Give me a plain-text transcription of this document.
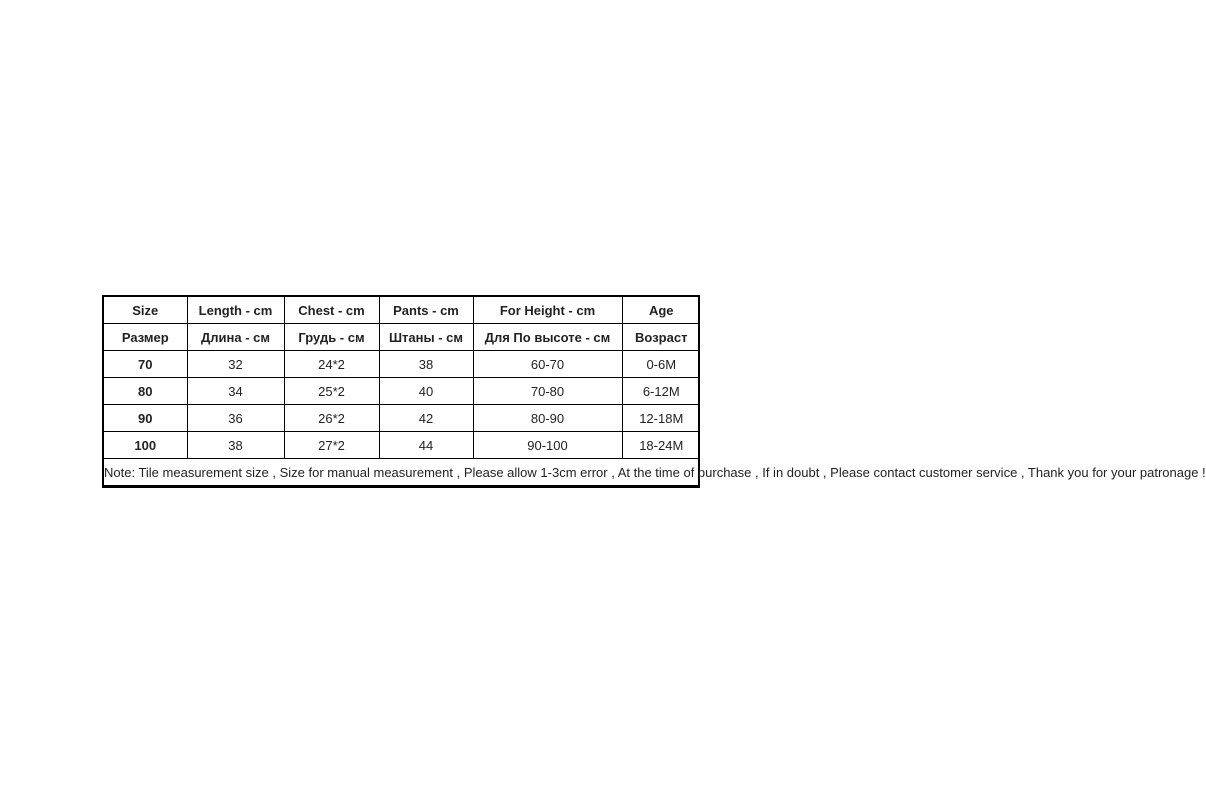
Size	Length - cm	Chest - cm	Pants - cm	For Height - cm	Age
Размер	Длина - см	Грудь - см	Штаны - см	Для По высоте - см	Возраст
70	32	24*2	38	60-70	0-6M
80	34	25*2	40	70-80	6-12M
90	36	26*2	42	80-90	12-18M
100	38	27*2	44	90-100	18-24M
Note: Tile measurement size , Size for manual measurement , Please allow 1-3cm error , At the time of purchase , If in doubt , Please contact customer service , Thank you for your patronage !					
